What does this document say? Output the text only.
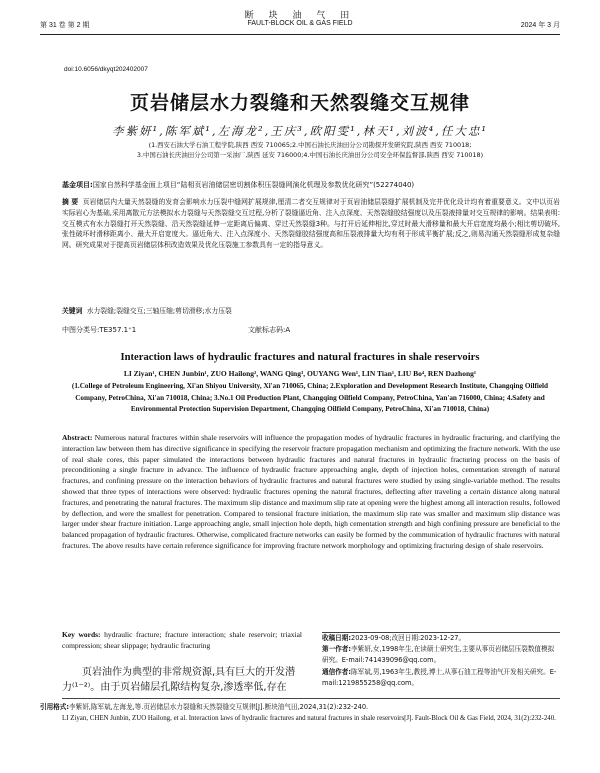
断 块 油 气 田
第 31 卷 第 2 期	FAULT-BLOCK OIL & GAS FIELD	2024 年 3 月
doi:10.6056/dkyqt202402007
页岩储层水力裂缝和天然裂缝交互规律
李紫妍¹,陈军斌¹,左海龙²,王庆³,欧阳雯¹,林天¹,刘波⁴,任大忠¹
(1.西安石油大学石油工程学院,陕西 西安 710065;2.中国石油长庆油田分公司勘探开发研究院,陕西 西安 710018;
3.中国石油长庆油田分公司第一采油厂,陕西 延安 716000;4.中国石油长庆油田分公司安全环保监督部,陕西 西安 710018)
基金项目:国家自然科学基金面上项目“陆相页岩油储层密切割体积压裂缝网演化机理及参数优化研究”(52274040)
摘 要 页岩储层内大量天然裂缝的发育会影响水力压裂中缝网扩展规律,厘清二者交互规律对于页岩油储层裂缝扩展机制及完井优化设计均有着重要意义。文中以页岩实际岩心为基础,采用离散元方法模拟水力裂缝与天然裂缝交互过程,分析了裂缝逼近角、注入点深度、天然裂缝胶结强度以及压裂液排量对交互规律的影响。结果表明:交互模式有水力裂缝打开天然裂缝、沿天然裂缝延伸一定距离后偏离、穿过天然裂缝3种。与打开后延伸相比,穿过时最大滑移量和最大开启宽度均最小;相比剪切破坏,张性破坏时滑移距离小、最大开启宽度大。逼近角大、注入点深度小、天然裂缝胶结强度高和压裂液排量大均有利于形成平衡扩展;反之,则易沟通天然裂缝形成复杂缝网。研究成果对于提高页岩储层体积改造效果及优化压裂施工参数具有一定的指导意义。
关键词 水力裂缝;裂缝交互;三轴压缩;剪切滑移;水力压裂
中图分类号:TE357.1⁺1	文献标志码:A
Interaction laws of hydraulic fractures and natural fractures in shale reservoirs
LI Ziyan¹, CHEN Junbin¹, ZUO Hailong², WANG Qing³, OUYANG Wen¹, LIN Tian¹, LIU Bo⁴, REN Dazhong¹
(1.College of Petroleum Engineering, Xi'an Shiyou University, Xi'an 710065, China; 2.Exploration and Development Research Institute, Changqing Oilfield Company, PetroChina, Xi'an 710018, China; 3.No.1 Oil Production Plant, Changqing Oilfield Company, PetroChina, Yan'an 716000, China; 4.Safety and Environmental Protection Supervision Department, Changqing Oilfield Company, PetroChina, Xi'an 710018, China)
Abstract: Numerous natural fractures within shale reservoirs will influence the propagation modes of hydraulic fractures in hydraulic fracturing, and clarifying the interaction law between them has directive significance in specifying the reservoir fracture propagation mechanism and optimizing the fracture network. With the use of real shale cores, this paper simulated the interactions between hydraulic fractures and natural fractures in hydraulic fracturing process on the basis of preconditioning a single fracture in advance. The influence of hydraulic fracture approaching angle, depth of injection holes, cementation strength of natural fractures, and confining pressure on the interaction behaviors of hydraulic fractures and natural fractures were studied by using single-variable method. The results showed that three types of interactions were observed: hydraulic fractures opening the natural fractures, deflecting after traveling a certain distance along natural fractures, and penetrating the natural fractures. The maximum slip distance and maximum slip rate at opening were the highest among all interaction results, followed by deflection, and were the smallest for penetration. Compared to tensional fracture initiation, the maximum slip rate was smaller and maximum slip distance was larger under shear fracture initiation. Large approaching angle, small injection hole depth, high cementation strength and high confining pressure are beneficial to the balanced propagation of hydraulic fractures. Otherwise, complicated fracture networks can easily be formed by the communication of hydraulic fractures with natural fractures. The above results have certain reference significance for improving fracture network morphology and optimizing fracturing design of shale reservoirs.
Key words: hydraulic fracture; fracture interaction; shale reservoir; triaxial compression; shear slippage; hydraulic fracturing
页岩油作为典型的非常规资源,具有巨大的开发潜力⁽¹⁻²⁾。由于页岩储层孔隙结构复杂,渗透率低,存在
收稿日期:2023-09-08;改回日期:2023-12-27。
第一作者:李紫妍,女,1998年生,在读硕士研究生,主要从事页岩储层压裂数值模拟研究。E-mail:741439096@qq.com。
通信作者:陈军斌,男,1963年生,教授,博士,从事石油工程等油气开发相关研究。E-mail:1219855258@qq.com。
引用格式:李紫妍,陈军斌,左海龙,等.页岩储层水力裂缝和天然裂缝交互规律[J].断块油气田,2024,31(2):232-240.
LI Ziyan, CHEN Junbin, ZUO Hailong, et al. Interaction laws of hydraulic fractures and natural fractures in shale reservoirs[J]. Fault-Block Oil & Gas Field, 2024, 31(2):232-240.
